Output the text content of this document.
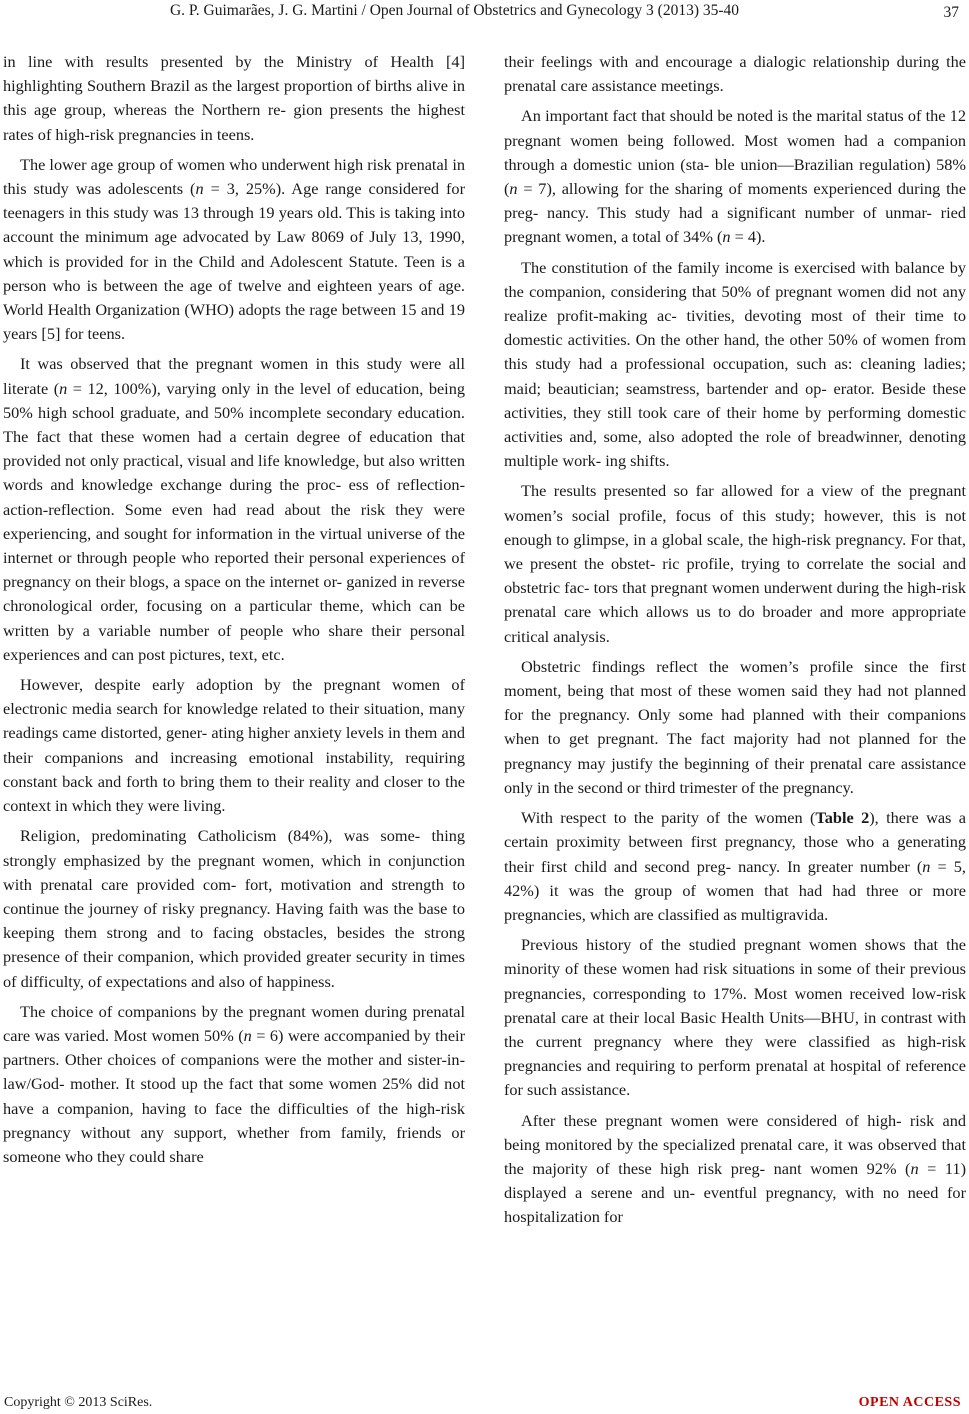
G. P. Guimarães, J. G. Martini / Open Journal of Obstetrics and Gynecology 3 (2013) 35-40	37

in line with results presented by the Ministry of Health [4] highlighting Southern Brazil as the largest proportion of births alive in this age group, whereas the Northern re- gion presents the highest rates of high-risk pregnancies in teens.

The lower age group of women who underwent high risk prenatal in this study was adolescents (n = 3, 25%). Age range considered for teenagers in this study was 13 through 19 years old. This is taking into account the minimum age advocated by Law 8069 of July 13, 1990, which is provided for in the Child and Adolescent Statute. Teen is a person who is between the age of twelve and eighteen years of age. World Health Organization (WHO) adopts the rage between 15 and 19 years [5] for teens.

It was observed that the pregnant women in this study were all literate (n = 12, 100%), varying only in the level of education, being 50% high school graduate, and 50% incomplete secondary education. The fact that these women had a certain degree of education that provided not only practical, visual and life knowledge, but also written words and knowledge exchange during the proc- ess of reflection-action-reflection. Some even had read about the risk they were experiencing, and sought for information in the virtual universe of the internet or through people who reported their personal experiences of pregnancy on their blogs, a space on the internet or- ganized in reverse chronological order, focusing on a particular theme, which can be written by a variable number of people who share their personal experiences and can post pictures, text, etc.

However, despite early adoption by the pregnant women of electronic media search for knowledge related to their situation, many readings came distorted, gener- ating higher anxiety levels in them and their companions and increasing emotional instability, requiring constant back and forth to bring them to their reality and closer to the context in which they were living.

Religion, predominating Catholicism (84%), was some- thing strongly emphasized by the pregnant women, which in conjunction with prenatal care provided com- fort, motivation and strength to continue the journey of risky pregnancy. Having faith was the base to keeping them strong and to facing obstacles, besides the strong presence of their companion, which provided greater security in times of difficulty, of expectations and also of happiness.

The choice of companions by the pregnant women during prenatal care was varied. Most women 50% (n = 6) were accompanied by their partners. Other choices of companions were the mother and sister-in-law/God- mother. It stood up the fact that some women 25% did not have a companion, having to face the difficulties of the high-risk pregnancy without any support, whether from family, friends or someone who they could share

their feelings with and encourage a dialogic relationship during the prenatal care assistance meetings.

An important fact that should be noted is the marital status of the 12 pregnant women being followed. Most women had a companion through a domestic union (sta- ble union—Brazilian regulation) 58% (n = 7), allowing for the sharing of moments experienced during the preg- nancy. This study had a significant number of unmar- ried pregnant women, a total of 34% (n = 4).

The constitution of the family income is exercised with balance by the companion, considering that 50% of pregnant women did not any realize profit-making ac- tivities, devoting most of their time to domestic activities. On the other hand, the other 50% of women from this study had a professional occupation, such as: cleaning ladies; maid; beautician; seamstress, bartender and op- erator. Beside these activities, they still took care of their home by performing domestic activities and, some, also adopted the role of breadwinner, denoting multiple work- ing shifts.

The results presented so far allowed for a view of the pregnant women’s social profile, focus of this study; however, this is not enough to glimpse, in a global scale, the high-risk pregnancy. For that, we present the obstet- ric profile, trying to correlate the social and obstetric fac- tors that pregnant women underwent during the high-risk prenatal care which allows us to do broader and more appropriate critical analysis.

Obstetric findings reflect the women’s profile since the first moment, being that most of these women said they had not planned for the pregnancy. Only some had planned with their companions when to get pregnant. The fact majority had not planned for the pregnancy may justify the beginning of their prenatal care assistance only in the second or third trimester of the pregnancy.

With respect to the parity of the women (Table 2), there was a certain proximity between first pregnancy, those who a generating their first child and second preg- nancy. In greater number (n = 5, 42%) it was the group of women that had had three or more pregnancies, which are classified as multigravida.

Previous history of the studied pregnant women shows that the minority of these women had risk situations in some of their previous pregnancies, corresponding to 17%. Most women received low-risk prenatal care at their local Basic Health Units—BHU, in contrast with the current pregnancy where they were classified as high-risk pregnancies and requiring to perform prenatal at hospital of reference for such assistance.

After these pregnant women were considered of high- risk and being monitored by the specialized prenatal care, it was observed that the majority of these high risk preg- nant women 92% (n = 11) displayed a serene and un- eventful pregnancy, with no need for hospitalization for

Copyright © 2013 SciRes.	OPEN ACCESS
